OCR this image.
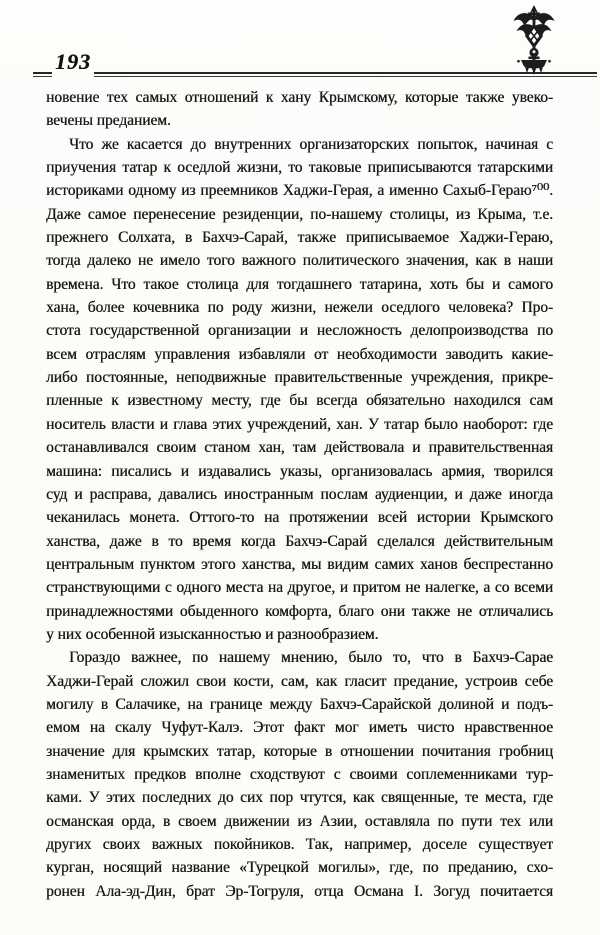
193
новение тех самых отношений к хану Крымскому, которые также увеко-
вечены преданием.
Что же касается до внутренних организаторских попыток, начиная с
приучения татар к оседлой жизни, то таковые приписываются татарскими
историками одному из преемников Хаджи-Герая, а именно Сахыб-Гераю⁷⁰⁰.
Даже самое перенесение резиденции, по-нашему столицы, из Крыма, т.е.
прежнего Солхата, в Бахчэ-Сарай, также приписываемое Хаджи-Гераю,
тогда далеко не имело того важного политического значения, как в наши
времена. Что такое столица для тогдашнего татарина, хоть бы и самого
хана, более кочевника по роду жизни, нежели оседлого человека? Про-
стота государственной организации и несложность делопроизводства по
всем отраслям управления избавляли от необходимости заводить какие-
либо постоянные, неподвижные правительственные учреждения, прикре-
пленные к известному месту, где бы всегда обязательно находился сам
носитель власти и глава этих учреждений, хан. У татар было наоборот: где
останавливался своим станом хан, там действовала и правительственная
машина: писались и издавались указы, организовалась армия, творился
суд и расправа, давались иностранным послам аудиенции, и даже иногда
чеканилась монета. Оттого-то на протяжении всей истории Крымского
ханства, даже в то время когда Бахчэ-Сарай сделался действительным
центральным пунктом этого ханства, мы видим самих ханов беспрестанно
странствующими с одного места на другое, и притом не налегке, а со всеми
принадлежностями обыденного комфорта, благо они также не отличались
у них особенной изысканностью и разнообразием.
Гораздо важнее, по нашему мнению, было то, что в Бахчэ-Сарае
Хаджи-Герай сложил свои кости, сам, как гласит предание, устроив себе
могилу в Салачике, на границе между Бахчэ-Сарайской долиной и подъ-
емом на скалу Чуфут-Калэ. Этот факт мог иметь чисто нравственное
значение для крымских татар, которые в отношении почитания гробниц
знаменитых предков вполне сходствуют с своими соплеменниками тур-
ками. У этих последних до сих пор чтутся, как священные, те места, где
османская орда, в своем движении из Азии, оставляла по пути тех или
других своих важных покойников. Так, например, доселе существует
курган, носящий название «Турецкой могилы», где, по преданию, схо-
ронен Ала-эд-Дин, брат Эр-Тогруля, отца Османа I. Зогуд почитается
